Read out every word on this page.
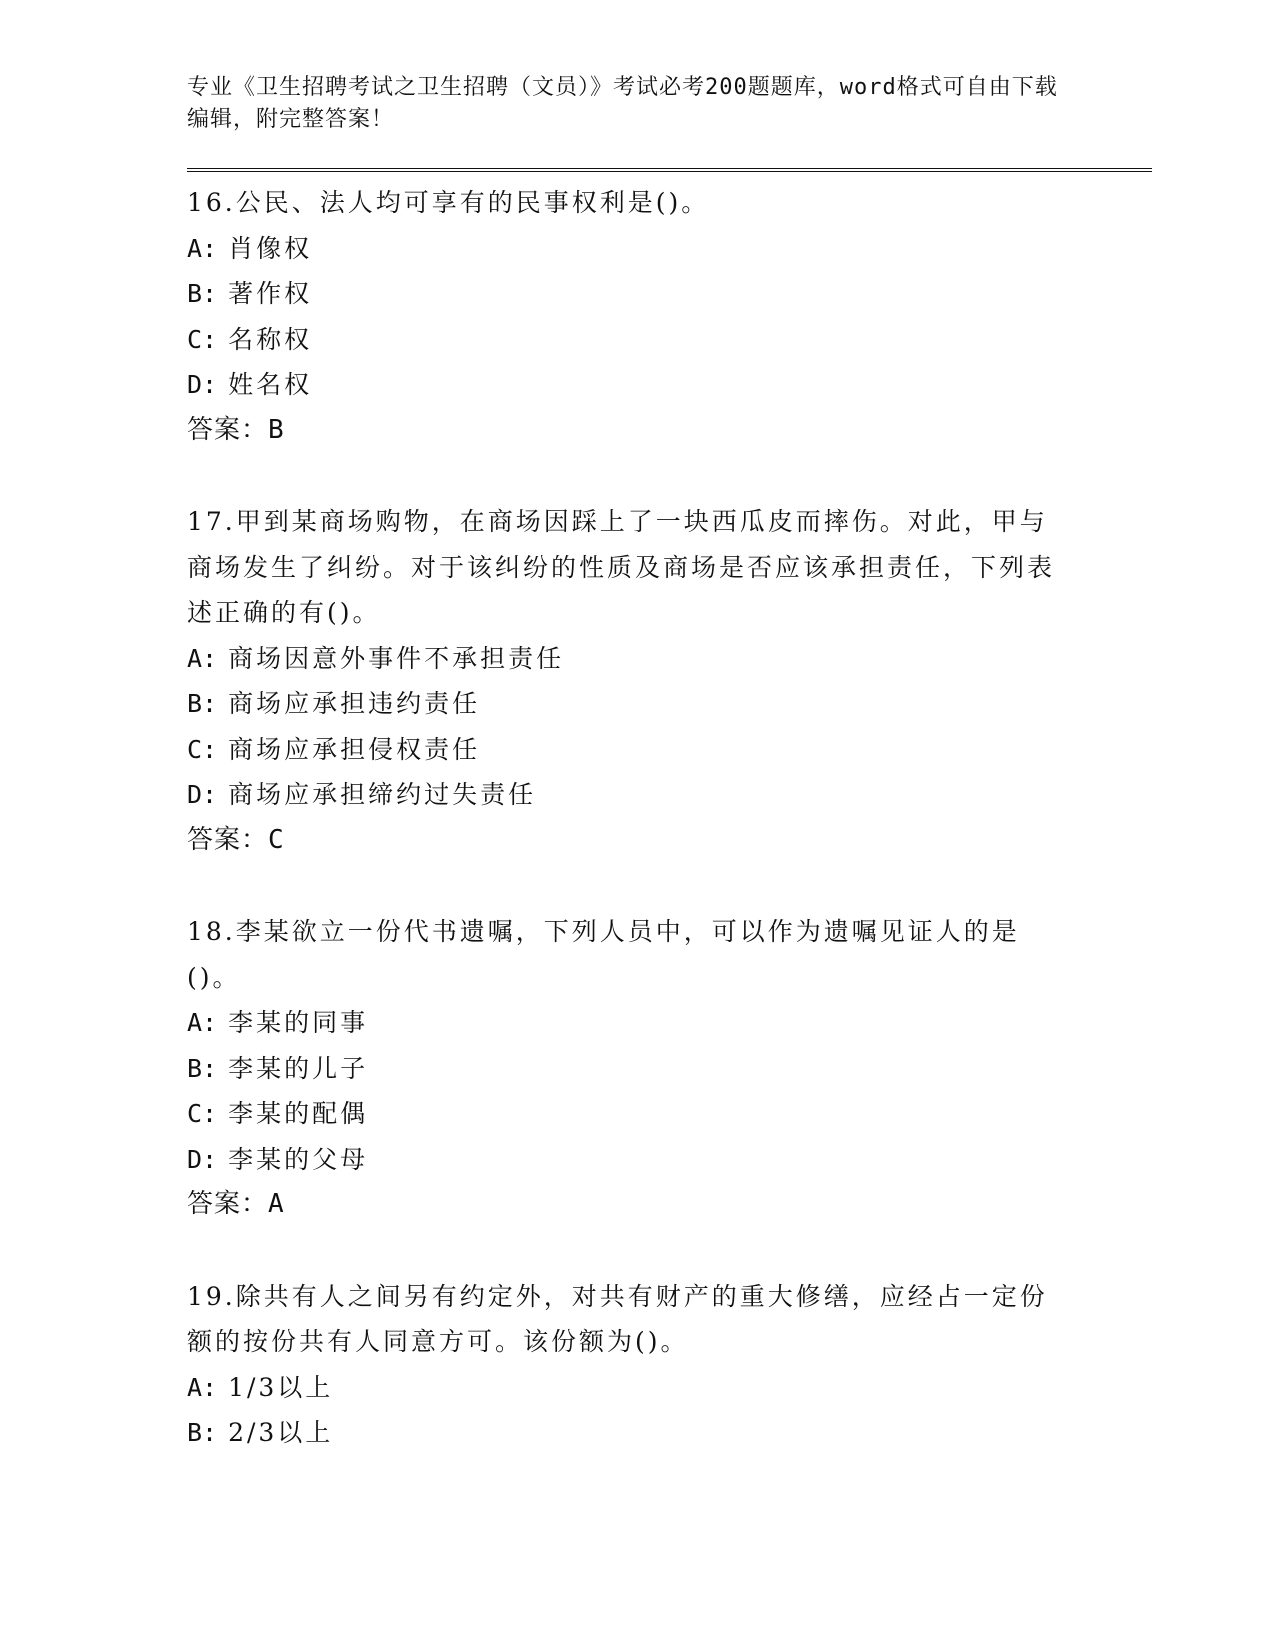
专业《卫生招聘考试之卫生招聘（文员）》考试必考200题题库，word格式可自由下载编辑，附完整答案！

16.公民、法人均可享有的民事权利是()。
A: 肖像权
B: 著作权
C: 名称权
D: 姓名权
答案：B
17.甲到某商场购物，在商场因踩上了一块西瓜皮而摔伤。对此，甲与商场发生了纠纷。对于该纠纷的性质及商场是否应该承担责任，下列表述正确的有()。
A: 商场因意外事件不承担责任
B: 商场应承担违约责任
C: 商场应承担侵权责任
D: 商场应承担缔约过失责任
答案：C
18.李某欲立一份代书遗嘱，下列人员中，可以作为遗嘱见证人的是()。
A: 李某的同事
B: 李某的儿子
C: 李某的配偶
D: 李某的父母
答案：A
19.除共有人之间另有约定外，对共有财产的重大修缮，应经占一定份额的按份共有人同意方可。该份额为()。
A: 1/3以上
B: 2/3以上
